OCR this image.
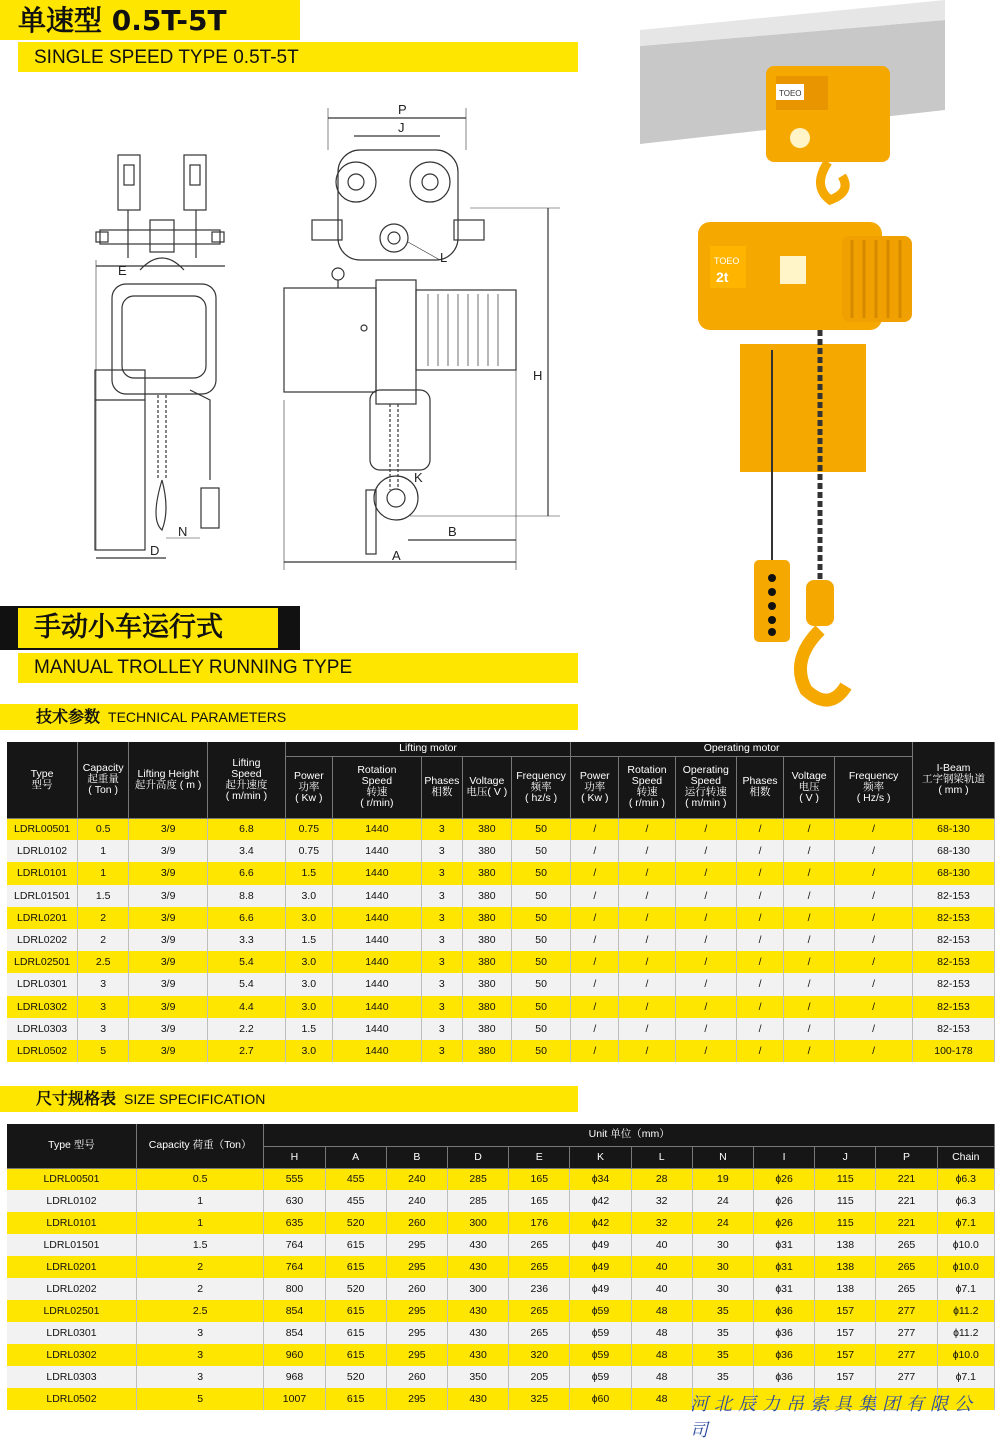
单速型 0.5T-5T
SINGLE SPEED TYPE 0.5T-5T
E
D
N
P
J
L
H
K
B
A
TOEO
TOEO
2t
手动小车运行式
MANUAL TROLLEY RUNNING TYPE
技术参数 TECHNICAL PARAMETERS
Type
型号	Capacity
起重量
( Ton )	Lifting Height
起升高度 ( m )	Lifting
Speed
起升速度
( m/min )	Lifting motor					Operating motor						I-Beam
工字钢梁轨道
( mm )
				Power
功率
( Kw )	Rotation
Speed
转速
( r/min)	Phases
相数	Voltage
电压( V )	Frequency
频率
( hz/s )	Power
功率
( Kw )	Rotation
Speed
转速
( r/min )	Operating
Speed
运行转速
( m/min )	Phases
相数	Voltage
电压
( V )	Frequency
频率
( Hz/s )	
LDRL00501	0.5	3/9	6.8	0.75	1440	3	380	50	/	/	/	/	/	/	68-130
LDRL0102	1	3/9	3.4	0.75	1440	3	380	50	/	/	/	/	/	/	68-130
LDRL0101	1	3/9	6.6	1.5	1440	3	380	50	/	/	/	/	/	/	68-130
LDRL01501	1.5	3/9	8.8	3.0	1440	3	380	50	/	/	/	/	/	/	82-153
LDRL0201	2	3/9	6.6	3.0	1440	3	380	50	/	/	/	/	/	/	82-153
LDRL0202	2	3/9	3.3	1.5	1440	3	380	50	/	/	/	/	/	/	82-153
LDRL02501	2.5	3/9	5.4	3.0	1440	3	380	50	/	/	/	/	/	/	82-153
LDRL0301	3	3/9	5.4	3.0	1440	3	380	50	/	/	/	/	/	/	82-153
LDRL0302	3	3/9	4.4	3.0	1440	3	380	50	/	/	/	/	/	/	82-153
LDRL0303	3	3/9	2.2	1.5	1440	3	380	50	/	/	/	/	/	/	82-153
LDRL0502	5	3/9	2.7	3.0	1440	3	380	50	/	/	/	/	/	/	100-178
尺寸规格表 SIZE SPECIFICATION
Type 型号	Capacity 荷重（Ton）	Unit 单位（mm）											
		H	A	B	D	E	K	L	N	I	J	P	Chain
LDRL00501	0.5	555	455	240	285	165	ɸ34	28	19	ɸ26	115	221	ɸ6.3
LDRL0102	1	630	455	240	285	165	ɸ42	32	24	ɸ26	115	221	ɸ6.3
LDRL0101	1	635	520	260	300	176	ɸ42	32	24	ɸ26	115	221	ɸ7.1
LDRL01501	1.5	764	615	295	430	265	ɸ49	40	30	ɸ31	138	265	ɸ10.0
LDRL0201	2	764	615	295	430	265	ɸ49	40	30	ɸ31	138	265	ɸ10.0
LDRL0202	2	800	520	260	300	236	ɸ49	40	30	ɸ31	138	265	ɸ7.1
LDRL02501	2.5	854	615	295	430	265	ɸ59	48	35	ɸ36	157	277	ɸ11.2
LDRL0301	3	854	615	295	430	265	ɸ59	48	35	ɸ36	157	277	ɸ11.2
LDRL0302	3	960	615	295	430	320	ɸ59	48	35	ɸ36	157	277	ɸ10.0
LDRL0303	3	968	520	260	350	205	ɸ59	48	35	ɸ36	157	277	ɸ7.1
LDRL0502	5	1007	615	295	430	325	ɸ60	48					河北辰力吊索具集团有限公司
